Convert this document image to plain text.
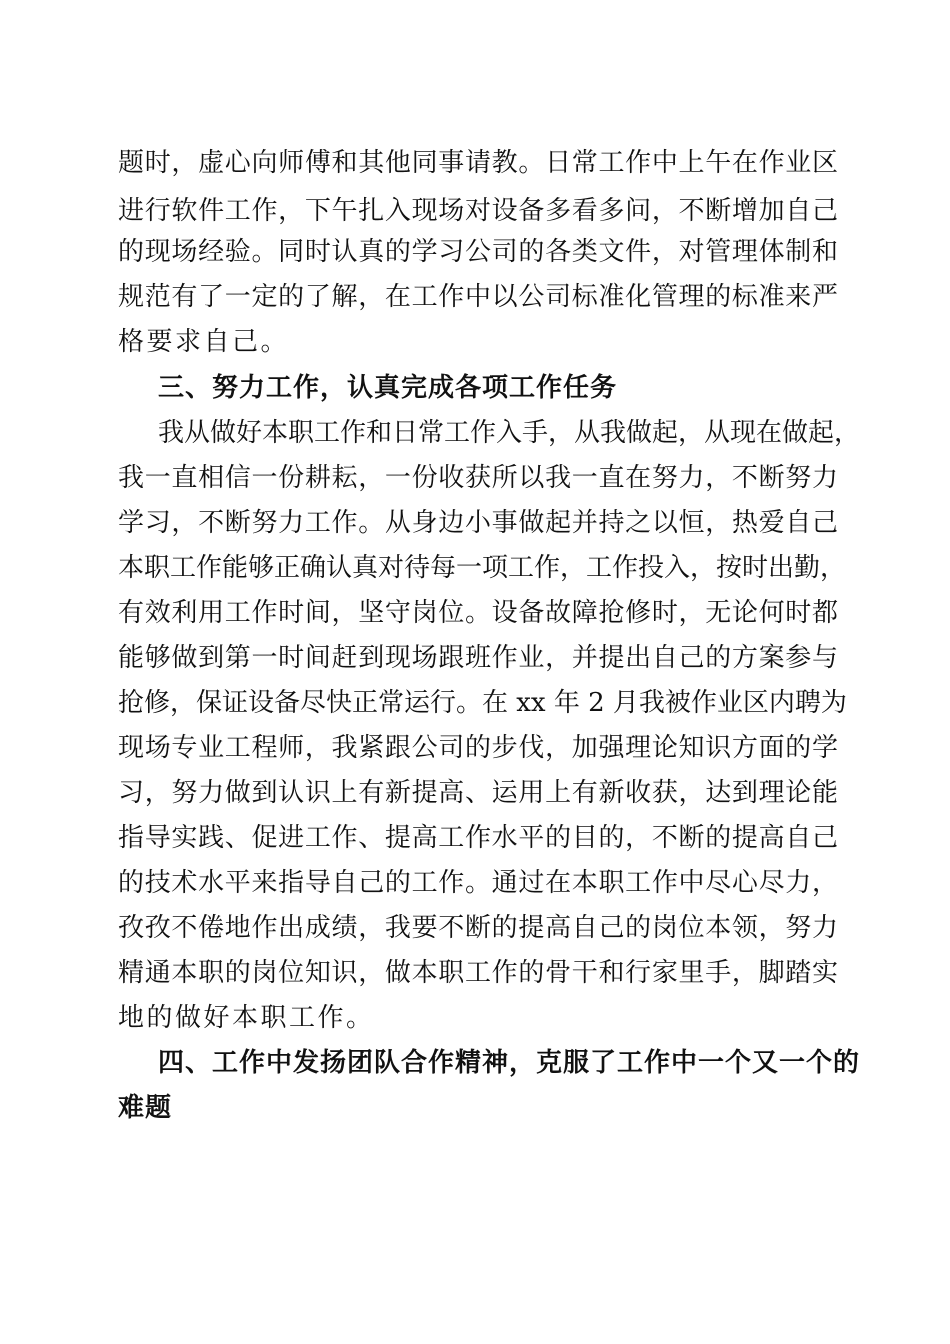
题时，虚心向师傅和其他同事请教。日常工作中上午在作业区

进行软件工作，下午扎入现场对设备多看多问，不断增加自己

的现场经验。同时认真的学习公司的各类文件，对管理体制和

规范有了一定的了解，在工作中以公司标准化管理的标准来严

格要求自己。

三、努力工作，认真完成各项工作任务

我从做好本职工作和日常工作入手，从我做起，从现在做起，

我一直相信一份耕耘，一份收获所以我一直在努力，不断努力

学习，不断努力工作。从身边小事做起并持之以恒，热爱自己

本职工作能够正确认真对待每一项工作，工作投入，按时出勤，

有效利用工作时间，坚守岗位。设备故障抢修时，无论何时都

能够做到第一时间赶到现场跟班作业，并提出自己的方案参与

抢修，保证设备尽快正常运行。在 xx 年 2 月我被作业区内聘为

现场专业工程师，我紧跟公司的步伐，加强理论知识方面的学

习，努力做到认识上有新提高、运用上有新收获，达到理论能

指导实践、促进工作、提高工作水平的目的，不断的提高自己

的技术水平来指导自己的工作。通过在本职工作中尽心尽力，

孜孜不倦地作出成绩，我要不断的提高自己的岗位本领，努力

精通本职的岗位知识，做本职工作的骨干和行家里手，脚踏实

地的做好本职工作。

四、工作中发扬团队合作精神，克服了工作中一个又一个的

难题
